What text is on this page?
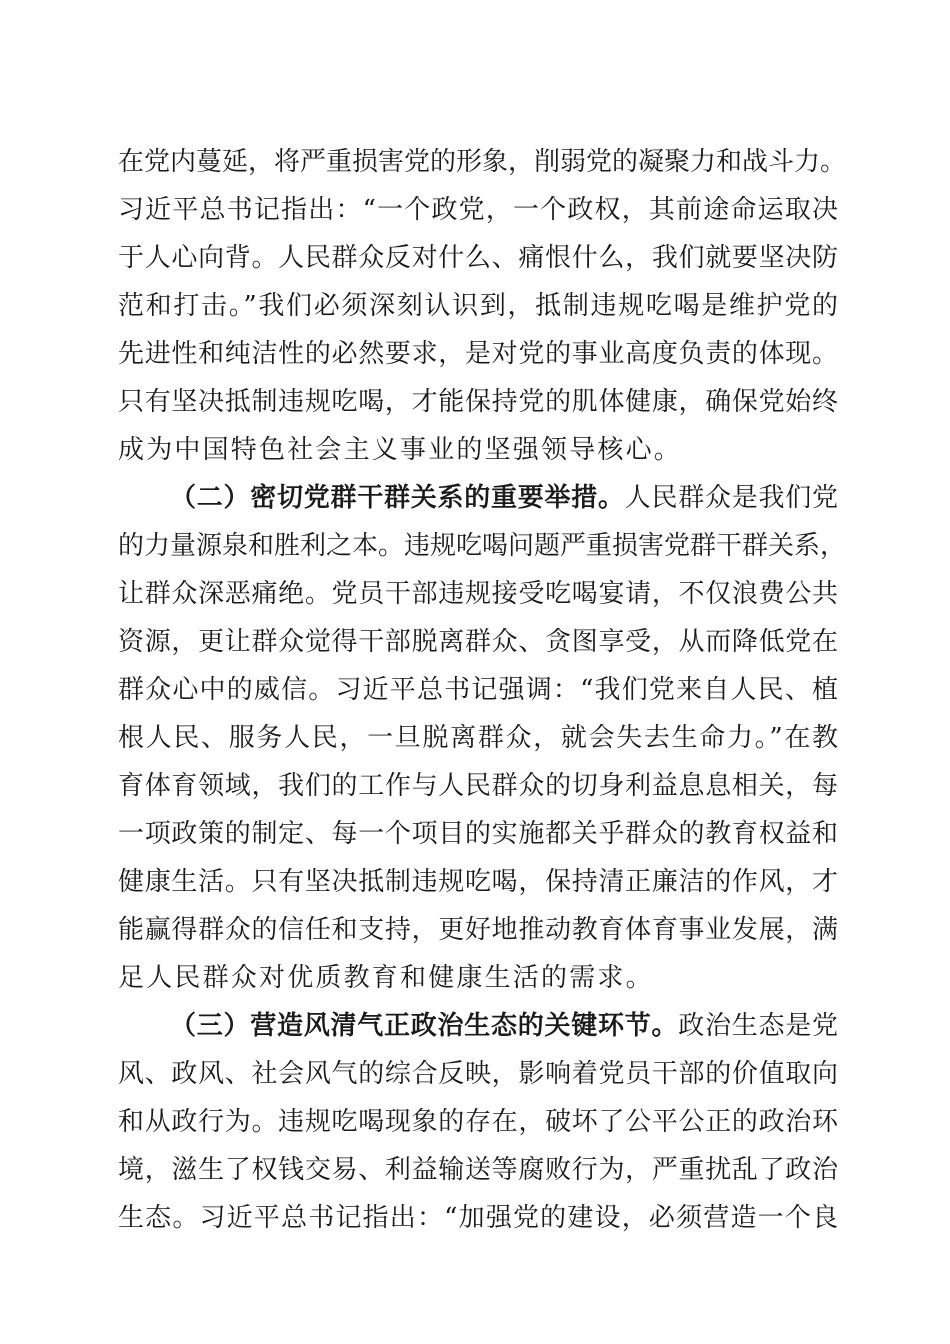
在党内蔓延，将严重损害党的形象，削弱党的凝聚力和战斗力。
习近平总书记指出：“一个政党，一个政权，其前途命运取决
于人心向背。人民群众反对什么、痛恨什么，我们就要坚决防
范和打击。”我们必须深刻认识到，抵制违规吃喝是维护党的
先进性和纯洁性的必然要求，是对党的事业高度负责的体现。
只有坚决抵制违规吃喝，才能保持党的肌体健康，确保党始终
成为中国特色社会主义事业的坚强领导核心。
（二）密切党群干群关系的重要举措。人民群众是我们党
的力量源泉和胜利之本。违规吃喝问题严重损害党群干群关系，
让群众深恶痛绝。党员干部违规接受吃喝宴请，不仅浪费公共
资源，更让群众觉得干部脱离群众、贪图享受，从而降低党在
群众心中的威信。习近平总书记强调：“我们党来自人民、植
根人民、服务人民，一旦脱离群众，就会失去生命力。”在教
育体育领域，我们的工作与人民群众的切身利益息息相关，每
一项政策的制定、每一个项目的实施都关乎群众的教育权益和
健康生活。只有坚决抵制违规吃喝，保持清正廉洁的作风，才
能赢得群众的信任和支持，更好地推动教育体育事业发展，满
足人民群众对优质教育和健康生活的需求。
（三）营造风清气正政治生态的关键环节。政治生态是党
风、政风、社会风气的综合反映，影响着党员干部的价值取向
和从政行为。违规吃喝现象的存在，破坏了公平公正的政治环
境，滋生了权钱交易、利益输送等腐败行为，严重扰乱了政治
生态。习近平总书记指出：“加强党的建设，必须营造一个良
